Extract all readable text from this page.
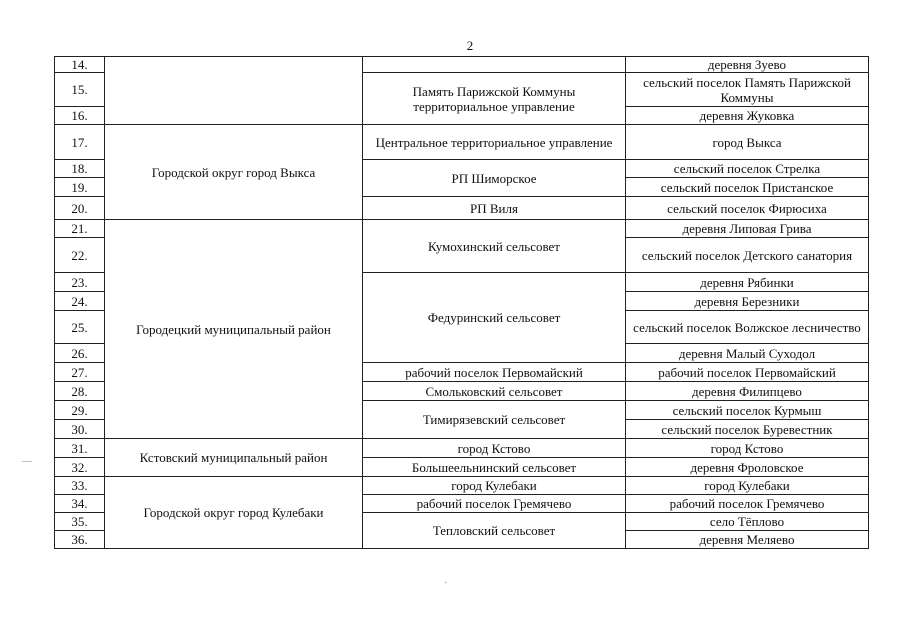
2
14.			деревня Зуево
15.		Память Парижской Коммуны территориальное управление	сельский поселок Память Парижской Коммуны
16.			деревня Жуковка
17.	Городской округ город Выкса	Центральное территориальное управление	город Выкса
18.		РП Шиморское	сельский поселок Стрелка
19.			сельский поселок Пристанское
20.		РП Виля	сельский поселок Фирюсиха
21.	Городецкий муниципальный район	Кумохинский сельсовет	деревня Липовая Грива
22.			сельский поселок Детского санатория
23.		Федуринский сельсовет	деревня Рябинки
24.			деревня Березники
25.			сельский поселок Волжское лесничество
26.			деревня Малый Суходол
27.		рабочий поселок Первомайский	рабочий поселок Первомайский
28.		Смольковский сельсовет	деревня Филипцево
29.		Тимирязевский сельсовет	сельский поселок Курмыш
30.			сельский поселок Буревестник
31.	Кстовский муниципальный район	город Кстово	город Кстово
32.		Большеельнинский сельсовет	деревня Фроловское
33.	Городской округ город Кулебаки	город Кулебаки	город Кулебаки
34.		рабочий поселок Гремячево	рабочий поселок Гремячево
35.		Тепловский сельсовет	село Тёплово
36.			деревня Меляево
—
·
